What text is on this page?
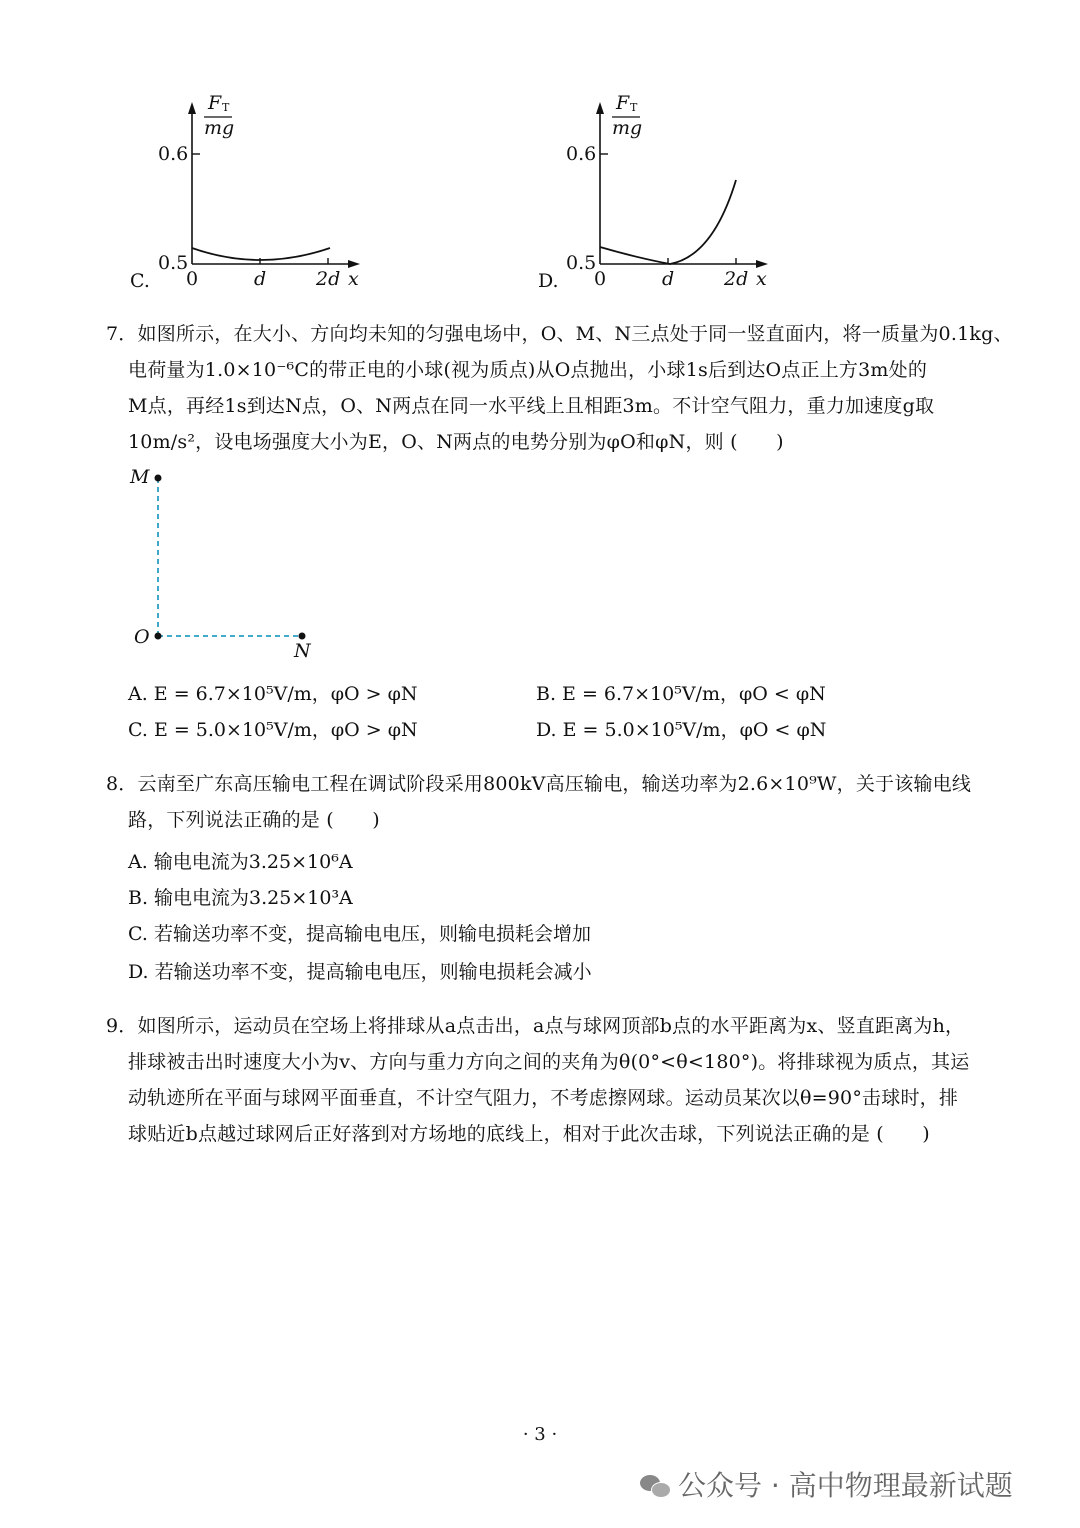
F T
mg
0.6
0.5
0	d	2d x
C.
F T
mg
0.6
0.5
0	d	2d x
D.
7．如图所示，在大小、方向均未知的匀强电场中，O、M、N三点处于同一竖直面内，将一质量为0.1kg、
电荷量为1.0×10⁻⁶C的带正电的小球(视为质点)从O点抛出，小球1s后到达O点正上方3m处的
M点，再经1s到达N点，O、N两点在同一水平线上且相距3m。不计空气阻力，重力加速度g取
10m/s²，设电场强度大小为E，O、N两点的电势分别为φO和φN，则 (　　)
M
O
N
A. E = 6.7×10⁵V/m，φO > φN	B. E = 6.7×10⁵V/m，φO < φN
C. E = 5.0×10⁵V/m，φO > φN	D. E = 5.0×10⁵V/m，φO < φN
8．云南至广东高压输电工程在调试阶段采用800kV高压输电，输送功率为2.6×10⁹W，关于该输电线
路，下列说法正确的是 (　　)
A. 输电电流为3.25×10⁶A
B. 输电电流为3.25×10³A
C. 若输送功率不变，提高输电电压，则输电损耗会增加
D. 若输送功率不变，提高输电电压，则输电损耗会减小
9．如图所示，运动员在空场上将排球从a点击出，a点与球网顶部b点的水平距离为x、竖直距离为h，
排球被击出时速度大小为v、方向与重力方向之间的夹角为θ(0°<θ<180°)。将排球视为质点，其运
动轨迹所在平面与球网平面垂直，不计空气阻力，不考虑擦网球。运动员某次以θ=90°击球时，排
球贴近b点越过球网后正好落到对方场地的底线上，相对于此次击球，下列说法正确的是 (　　)
· 3 ·
公众号 · 高中物理最新试题
